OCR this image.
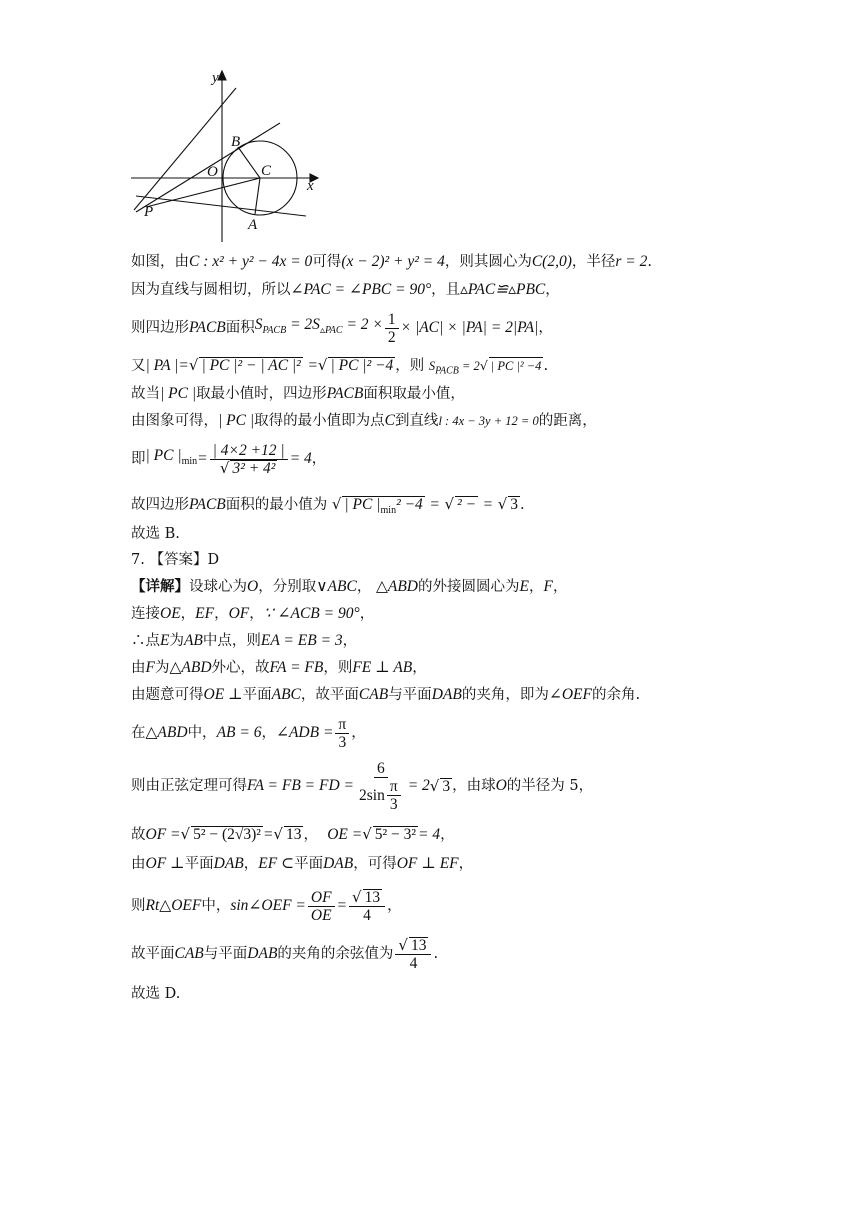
y
x
O
B
C
P
A
如图，由C : x² + y² − 4x = 0可得(x − 2)² + y² = 4，则其圆心为C(2,0)，半径r = 2.
因为直线与圆相切，所以∠PAC = ∠PBC = 90°，且▵PAC≌▵PBC，
则四边形 PACB 面积 $S_{PACB} = 2S_{▵PAC} = 2 \times \frac{1}{2} \times |AC| \times |PA| = 2|PA|$ ，
又| PA |=√ | PC |² − | AC |² =√ | PC |² −4 ，则 $S_{PACB} = 2√$ | PC |² −4 .
故当| PC |取最小值时，四边形PACB面积取最小值，
由图象可得，| PC |取得的最小值即为点C到直线l : 4x − 3y + 12 = 0的距离，
即 | PC $|_{min} = \frac{| 4\times 2 +12 |}{\text{√ 3² + 4²}} = 4$ ，
故四边形PACB面积的最小值为 √ | PC $|_{min}^2 -4$ = √ ² − = √ 3 .
故选 B.
7. 【答案】D
【详解】设球心为O，分别取∨ABC， △ABD的外接圆圆心为E，F，
连接OE，EF，OF，∵ ∠ACB = 90°，
∴点E为AB中点，则EA = EB = 3，
由F为△ABD外心，故FA = FB，则FE ⊥ AB，
由题意可得OE ⊥平面ABC，故平面CAB与平面DAB的夹角，即为∠OEF的余角.
在 △ABD 中， AB = 6 ， ∠ADB = $\frac{\pi}{3}$ ，
则由正弦定理可得 FA = FB = FD = $\frac{6}{2\sin \frac{\pi}{3}} = 2$ √ 3 ，由球 O 的半径为 5，
故OF =√ 5² − (2√3)² =√ 13 ， OE =√ 5² − 3² = 4，
由OF ⊥平面DAB，EF ⊂平面DAB，可得OF ⊥ EF，
则 Rt△OEF 中， sin∠OEF = $\frac{OF}{OE} = \frac{√ 13}{4}$ ，
故平面 CAB 与平面 DAB 的夹角的余弦值为 $\frac{√ 13}{4}$ .
故选 D.
